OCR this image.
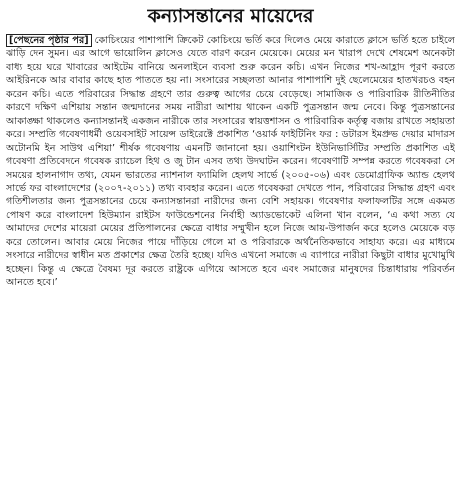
কন্যাসন্তানের মায়েদের
[পেছনের পৃষ্ঠার পর] কোচিংয়ের পাশাপাশি ক্রিকেট কোচিংয়ে ভর্তি করে দিলেও মেয়ে কারাতে ক্লাসে ভর্তি হতে চাইলে ঝাড়ি দেন সুমন। এর আগে ভায়োলিন ক্লাসেও যেতে বারণ করেন মেয়েকে। মেয়ের মন খারাপ দেখে শেষমেশ অনেকটা বাধ্য হয়ে ঘরে খাবারের আইটেম বানিয়ে অনলাইনে ব্যবসা শুরু করেন কচি। এখন নিজের শখ-আহ্লাদ পূরণ করতে আইরিনকে আর বাবার কাছে হাত পাততে হয় না। সংসারের সচ্ছলতা আনার পাশাপাশি দুই ছেলেমেয়ের হাতখরচও বহন করেন কচি। এতে পরিবারের সিদ্ধান্ত গ্রহণে তার গুরুত্ব আগের চেয়ে বেড়েছে। সামাজিক ও পারিবারিক রীতিনীতির কারণে দক্ষিণ এশিয়ায় সন্তান জন্মদানের সময় নারীরা আশায় থাকেন একটি পুত্রসন্তান জন্ম নেবে। কিন্তু পুত্রসন্তানের আকাঙ্ক্ষা থাকলেও কন্যাসন্তানই একজন নারীকে তার সংসারের স্বায়ত্তশাসন ও পারিবারিক কর্তৃত্ব বজায় রাখতে সহায়তা করে। সম্প্রতি গবেষণাধর্মী ওয়েবসাইট সায়েন্স ডাইরেক্টে প্রকাশিত ‘ওয়ার্ক ফাইটিনিং ফর : ডটারস ইমপ্রুভ দেয়ার মাদারস অটোনমি ইন সাউথ এশিয়া’ শীর্ষক গবেষণায় এমনটি জানানো হয়। ওয়াশিংটন ইউনিভার্সিটির সম্প্রতি প্রকাশিত এই গবেষণা প্রতিবেদনে গবেষক র‍্যাচেল হিথ ও জু টান এসব তথ্য উদঘাটন করেন। গবেষণাটি সম্পন্ন করতে গবেষকরা সে সময়ের হালনাগাদ তথ্য, যেমন ভারতের ন্যাশনাল ফ্যামিলি হেলথ সার্ভে (২০০৫-০৬) এবং ডেমোগ্রাফিক অ্যান্ড হেলথ সার্ভে ফর বাংলাদেশের (২০০৭-২০১১) তথ্য ব্যবহার করেন। এতে গবেষকরা দেখতে পান, পরিবারের সিদ্ধান্ত গ্রহণ এবং গতিশীলতার জন্য পুত্রসন্তানের চেয়ে কন্যাসন্তানরা নারীদের জন্য বেশি সহায়ক। গবেষণার ফলাফলটির সঙ্গে একমত পোষণ করে বাংলাদেশ হিউম্যান রাইটস ফাউন্ডেশনের নির্বাহী অ্যাডভোকেট এলিনা খান বলেন, ‘এ কথা সত্য যে আমাদের দেশের মায়েরা মেয়ের প্রতিপালনের ক্ষেত্রে বাধার সম্মুখীন হলে নিজে আয়-উপার্জন করে হলেও মেয়েকে বড় করে তোলেন। আবার মেয়ে নিজের পায়ে দাঁড়িয়ে গেলে মা ও পরিবারকে অর্থনৈতিকভাবে সাহায্য করে। এর মাধ্যমে সংসারে নারীদের স্বাধীন মত প্রকাশের ক্ষেত্র তৈরি হচ্ছে। যদিও এখনো সমাজে এ ব্যাপারে নারীরা কিছুটা বাধার মুখোমুখি হচ্ছেন। কিন্তু এ ক্ষেত্রে বৈষম্য দূর করতে রাষ্ট্রকে এগিয়ে আসতে হবে এবং সমাজের মানুষদের চিন্তাধারায় পরিবর্তন আনতে হবে।’
